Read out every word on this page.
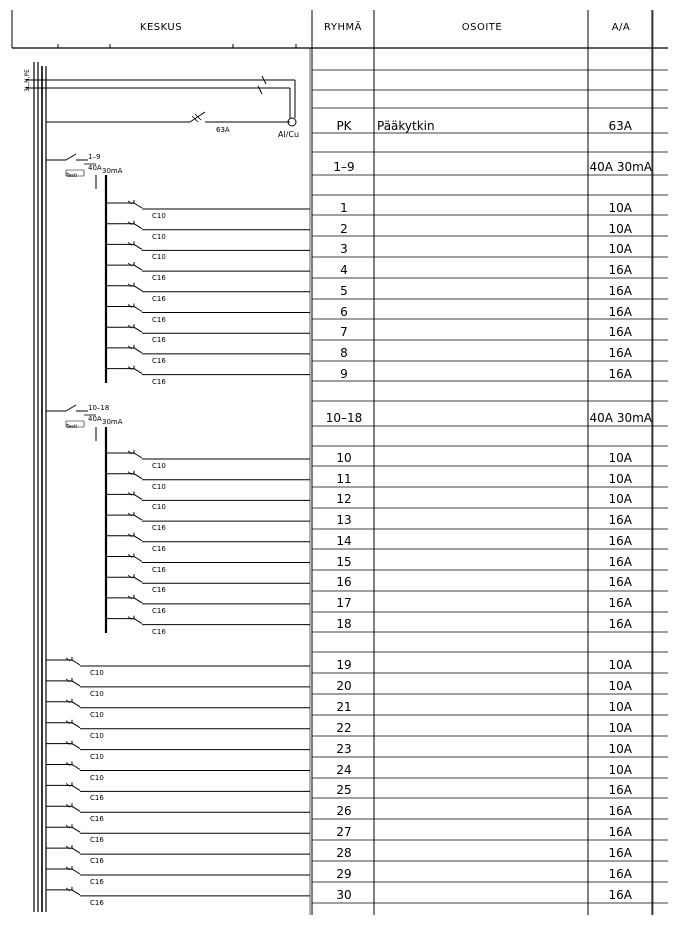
KESKUS	RYHMÄ	OSOITE	A/A
3L,N,PE
63A	Al/Cu
1–9
40A 30mA
Testi
10–18
40A 30mA
Testi
PK	Pääkytkin	63A
1–9	40A 30mA
1	10A
C10
2	10A
C10
3	10A
C10
4	16A
C16
5	16A
C16
6	16A
C16
7	16A
C16
8	16A
C16
9	16A
C16
10–18	40A 30mA
10	10A
C10
11	10A
C10
12	10A
C10
13	16A
C16
14	16A
C16
15	16A
C16
16	16A
C16
17	16A
C16
18	16A
C16
19	10A
C10
20	10A
C10
21	10A
C10
22	10A
C10
23	10A
C10
24	10A
C10
25	16A
C16
26	16A
C16
27	16A
C16
28	16A
C16
29	16A
C16
30	16A
C16
